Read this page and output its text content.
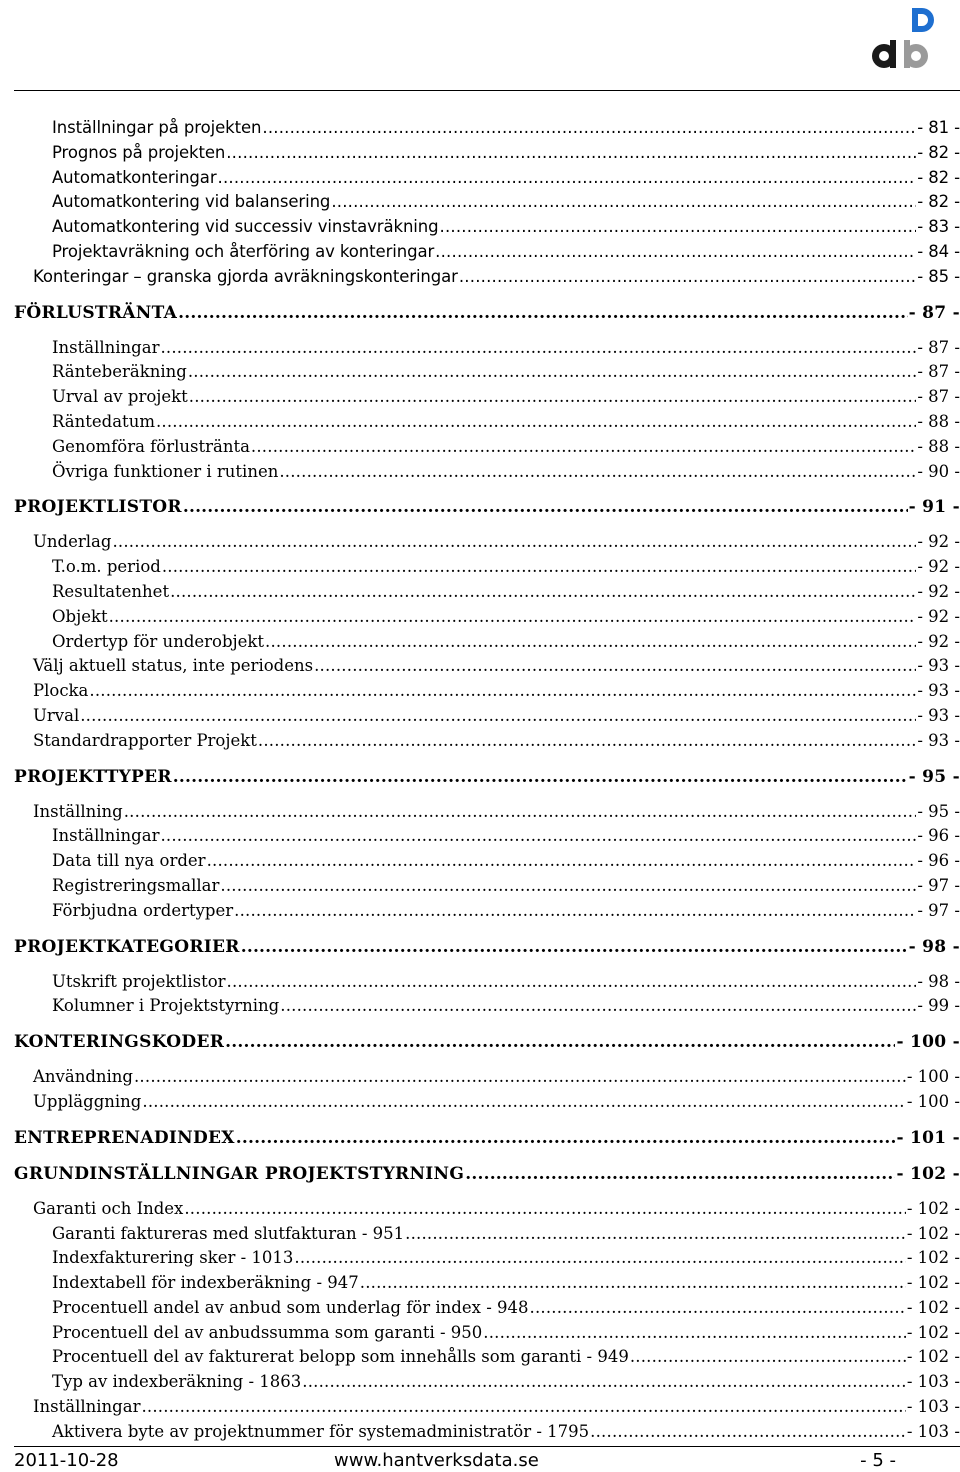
Inställningar på projekten .....	- 81 -
Prognos på projekten .....	- 82 -
Automatkonteringar .....	- 82 -
Automatkontering vid balansering .....	- 82 -
Automatkontering vid successiv vinstavräkning .....	- 83 -
Projektavräkning och återföring av konteringar .....	- 84 -
Konteringar – granska gjorda avräkningskonteringar .....	- 85 -
FÖRLUSTRÄNTA .....	- 87 -
Inställningar .....	- 87 -
Ränteberäkning .....	- 87 -
Urval av projekt .....	- 87 -
Räntedatum .....	- 88 -
Genomföra förlustränta .....	- 88 -
Övriga funktioner i rutinen .....	- 90 -
PROJEKTLISTOR .....	- 91 -
Underlag .....	- 92 -
T.o.m. period .....	- 92 -
Resultatenhet .....	- 92 -
Objekt .....	- 92 -
Ordertyp för underobjekt .....	- 92 -
Välj aktuell status, inte periodens .....	- 93 -
Plocka .....	- 93 -
Urval .....	- 93 -
Standardrapporter Projekt .....	- 93 -
PROJEKTTYPER .....	- 95 -
Inställning .....	- 95 -
Inställningar .....	- 96 -
Data till nya order .....	- 96 -
Registreringsmallar .....	- 97 -
Förbjudna ordertyper .....	- 97 -
PROJEKTKATEGORIER .....	- 98 -
Utskrift projektlistor .....	- 98 -
Kolumner i Projektstyrning .....	- 99 -
KONTERINGSKODER .....	- 100 -
Användning .....	- 100 -
Uppläggning .....	- 100 -
ENTREPRENADINDEX .....	- 101 -
GRUNDINSTÄLLNINGAR PROJEKTSTYRNING .....	- 102 -
Garanti och Index .....	- 102 -
Garanti faktureras med slutfakturan - 951 .....	- 102 -
Indexfakturering sker - 1013 .....	- 102 -
Indextabell för indexberäkning - 947 .....	- 102 -
Procentuell andel av anbud som underlag för index - 948 .....	- 102 -
Procentuell del av anbudssumma som garanti - 950 .....	- 102 -
Procentuell del av fakturerat belopp som innehålls som garanti - 949 .....	- 102 -
Typ av indexberäkning - 1863 .....	- 103 -
Inställningar .....	- 103 -
Aktivera byte av projektnummer för systemadministratör - 1795 .....	- 103 -
2011-10-28	www.hantverksdata.se	- 5 -
